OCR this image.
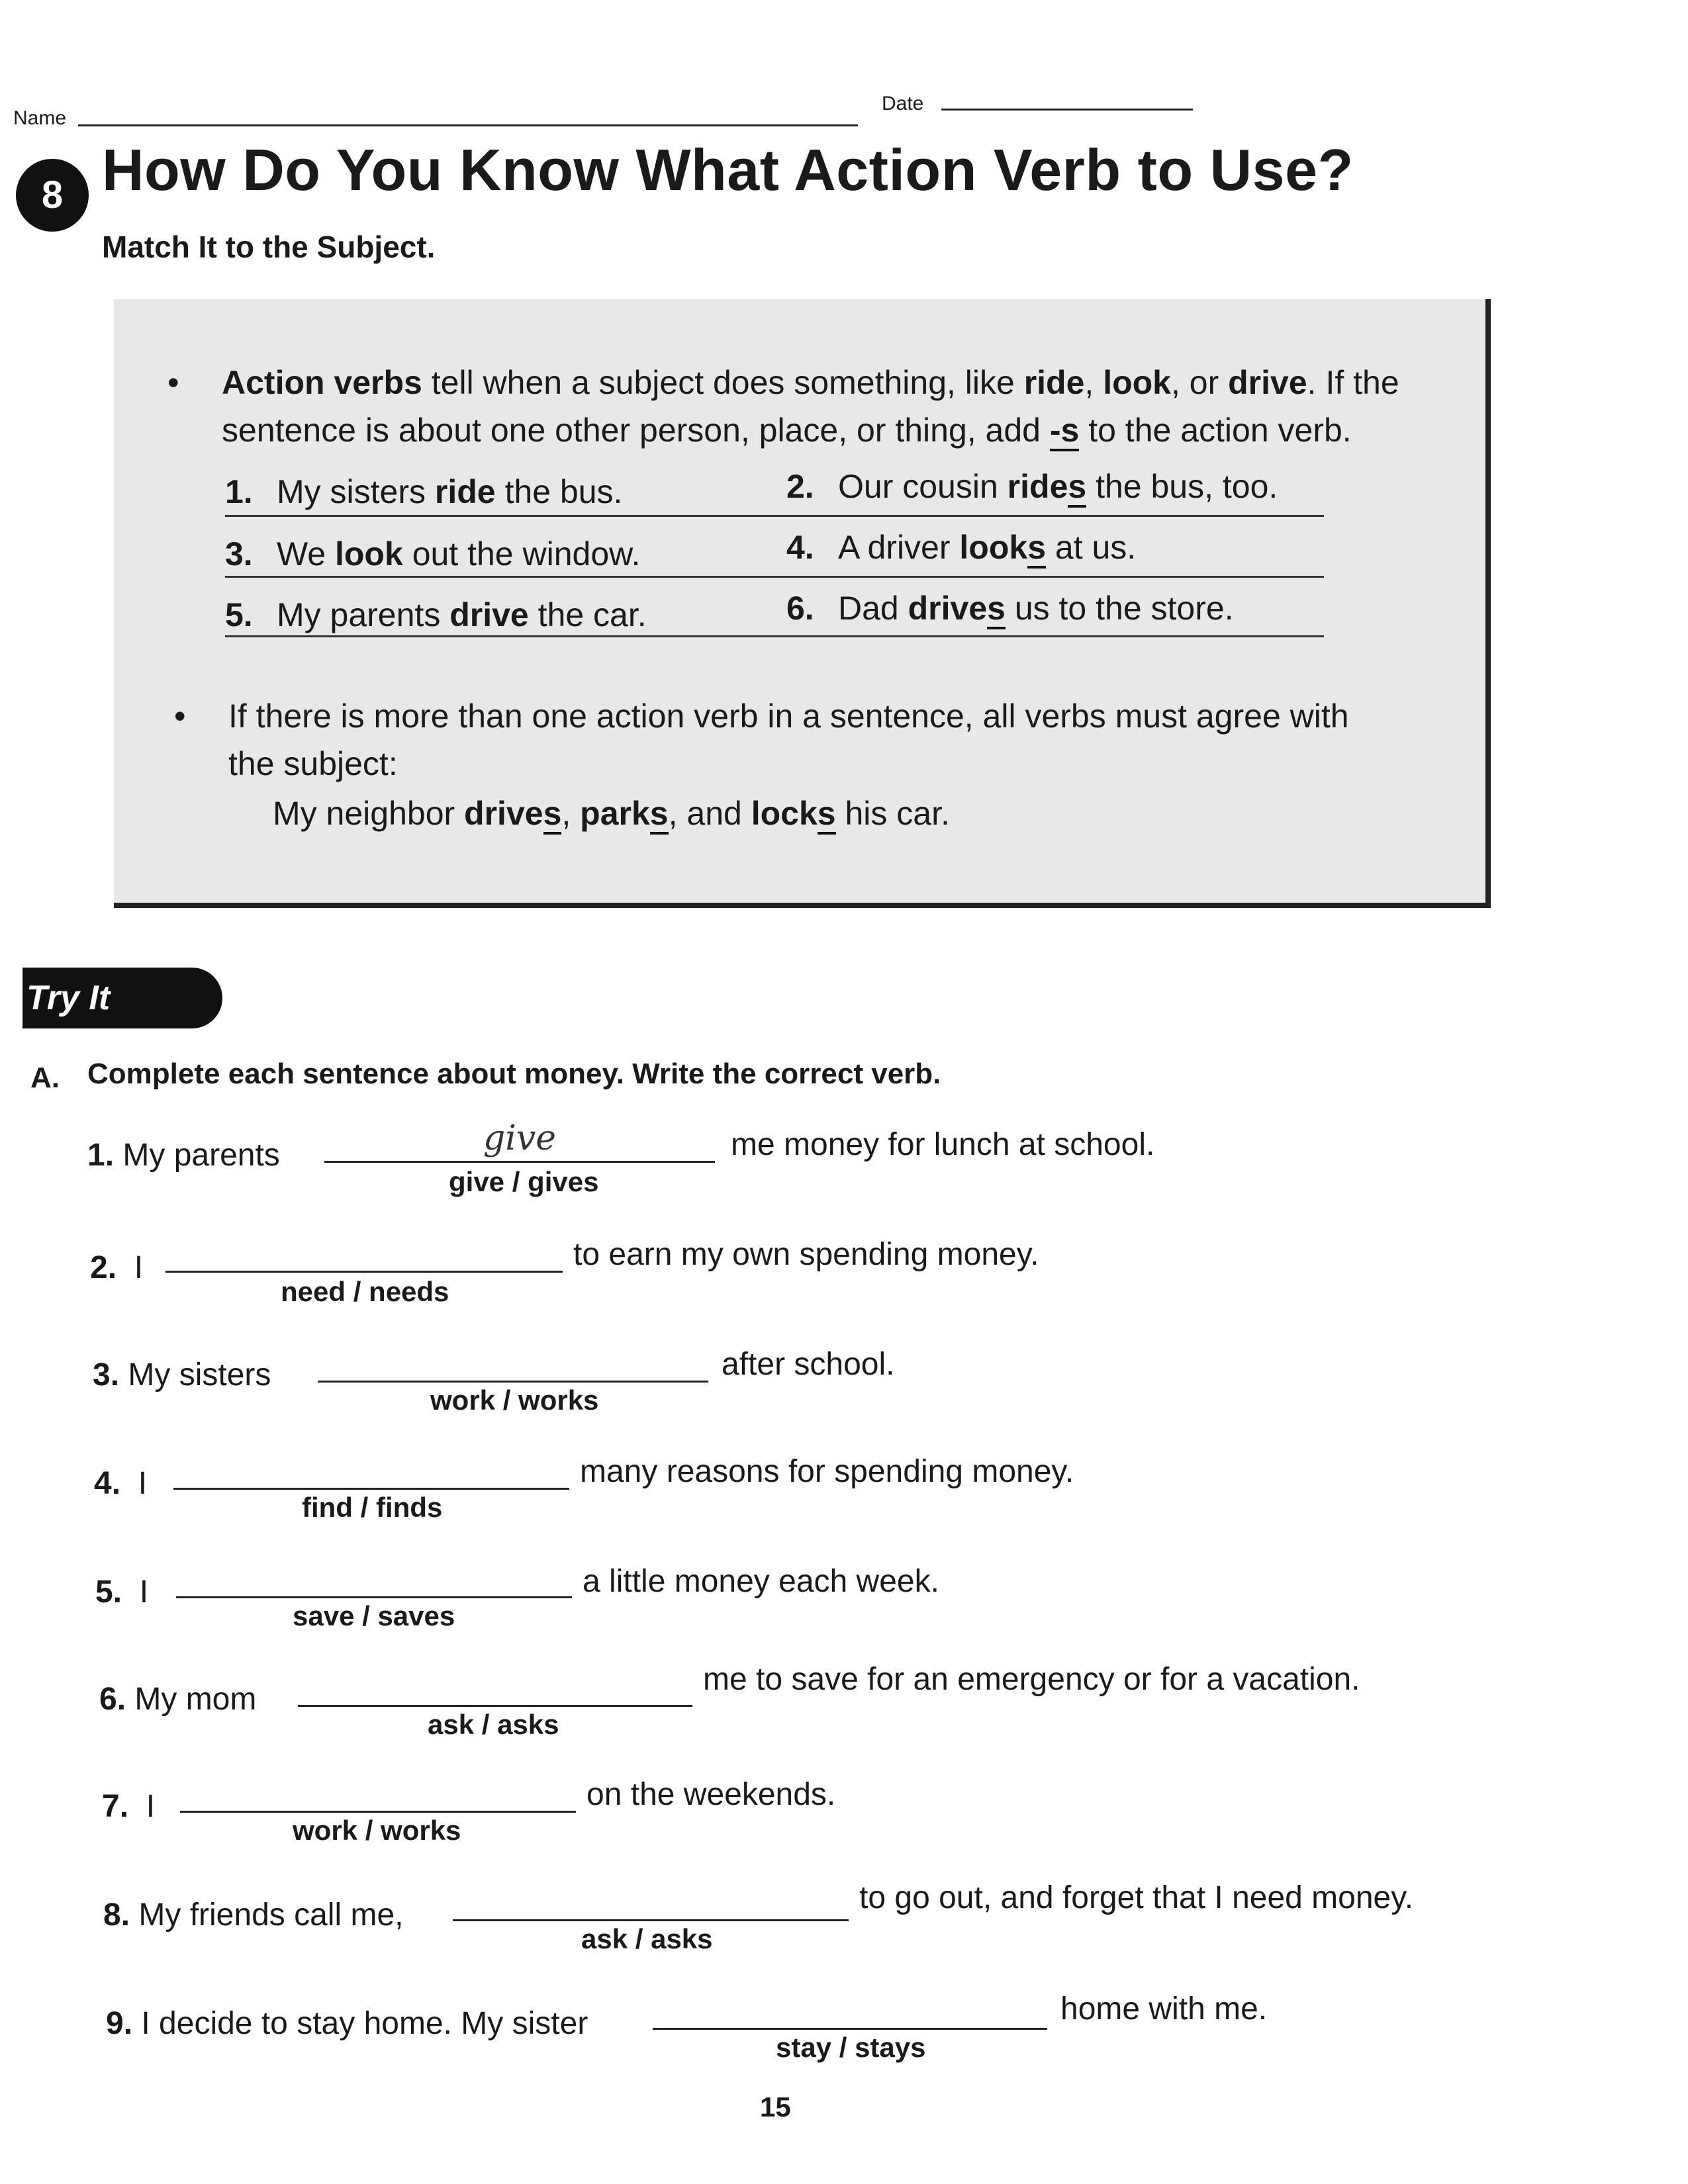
Name
Date
8 How Do You Know What Action Verb to Use?
Match It to the Subject.
• Action verbs tell when a subject does something, like ride, look, or drive. If the sentence is about one other person, place, or thing, add -s to the action verb.
1. My sisters ride the bus.	2. Our cousin rides the bus, too.
3. We look out the window.	4. A driver looks at us.
5. My parents drive the car.	6. Dad drives us to the store.
• If there is more than one action verb in a sentence, all verbs must agree with the subject:
My neighbor drives, parks, and locks his car.
Try It
A. Complete each sentence about money. Write the correct verb.
1. My parents	give	me money for lunch at school.
give / gives
2. I	to earn my own spending money.
need / needs
3. My sisters	after school.
work / works
4. I	many reasons for spending money.
find / finds
5. I	a little money each week.
save / saves
6. My mom
me to save for an emergency or for a vacation.
ask / asks
7. I	on the weekends.
work / works
8. My friends call me,	to go out, and forget that I need money.
ask / asks
9. I decide to stay home. My sister	home with me.
stay / stays
15
